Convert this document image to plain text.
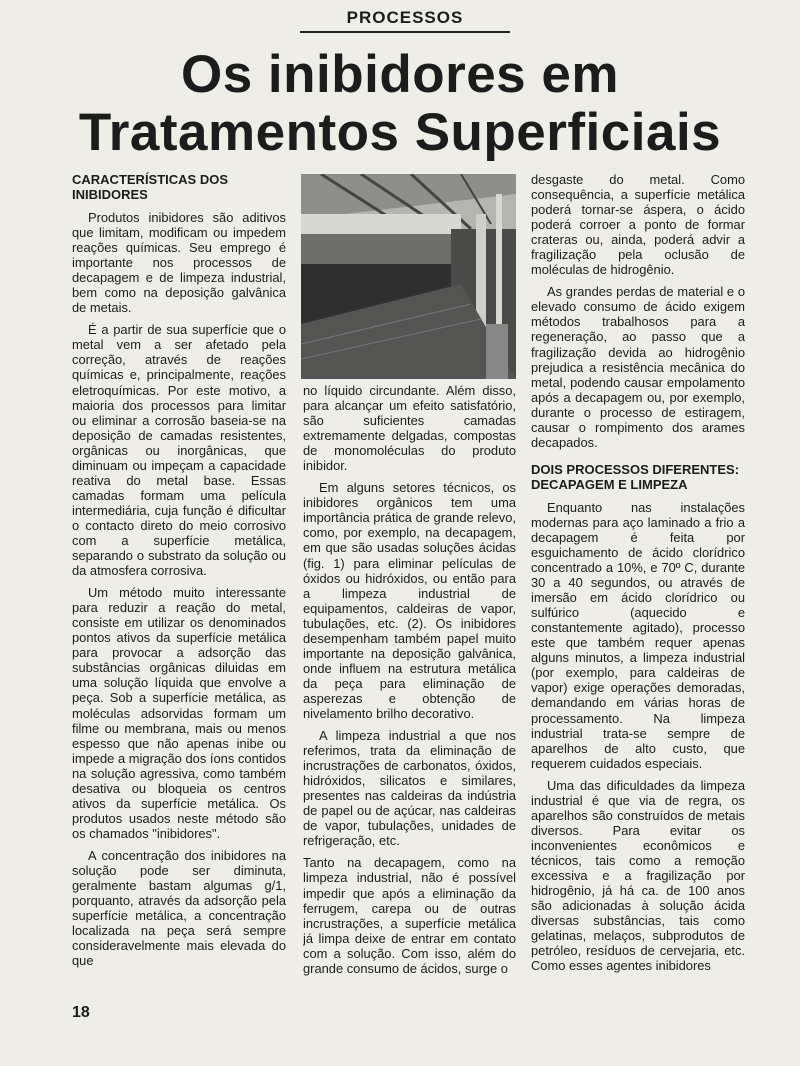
PROCESSOS
Os inibidores em
Tratamentos Superficiais
CARACTERÍSTICAS DOS INIBIDORES

Produtos inibidores são aditivos que limitam, modificam ou impedem reações químicas. Seu emprego é importante nos processos de decapagem e de limpeza industrial, bem como na deposição galvânica de metais.

É a partir de sua superfície que o metal vem a ser afetado pela correção, através de reações químicas e, principalmente, reações eletroquímicas. Por este motivo, a maioria dos processos para limitar ou eliminar a corrosão baseia-se na deposição de camadas resistentes, orgânicas ou inorgânicas, que diminuam ou impeçam a capacidade reativa do metal base. Essas camadas formam uma película intermediária, cuja função é dificultar o contacto direto do meio corrosivo com a superfície metálica, separando o substrato da solução ou da atmosfera corrosiva.

Um método muito interessante para reduzir a reação do metal, consiste em utilizar os denominados pontos ativos da superfície metálica para provocar a adsorção das substâncias orgânicas diluidas em uma solução líquida que envolve a peça. Sob a superfície metálica, as moléculas adsorvidas formam um filme ou membrana, mais ou menos espesso que não apenas inibe ou impede a migração dos íons contidos na solução agressiva, como também desativa ou bloqueia os centros ativos da superfície metálica. Os produtos usados neste método são os chamados "inibidores".

A concentração dos inibidores na solução pode ser diminuta, geralmente bastam algumas g/1, porquanto, através da adsorção pela superfície metálica, a concentração localizada na peça será sempre consideravelmente mais elevada do que

no líquido circundante. Além disso, para alcançar um efeito satisfatório, são suficientes camadas extremamente delgadas, compostas de monomoléculas do produto inibidor.

Em alguns setores técnicos, os inibidores orgânicos tem uma importância prática de grande relevo, como, por exemplo, na decapagem, em que são usadas soluções ácidas (fig. 1) para eliminar películas de óxidos ou hidróxidos, ou então para a limpeza industrial de equipamentos, caldeiras de vapor, tubulações, etc. (2). Os inibidores desempenham também papel muito importante na deposição galvânica, onde influem na estrutura metálica da peça para eliminação de asperezas e obtenção de nivelamento brilho decorativo.

A limpeza industrial a que nos referimos, trata da eliminação de incrustrações de carbonatos, óxidos, hidróxidos, silicatos e similares, presentes nas caldeiras da indústria de papel ou de açúcar, nas caldeiras de vapor, tubulações, unidades de refrigeração, etc.

Tanto na decapagem, como na limpeza industrial, não é possível impedir que após a eliminação da ferrugem, carepa ou de outras incrustrações, a superfície metálica já limpa deixe de entrar em contato com a solução. Com isso, além do grande consumo de ácidos, surge o

desgaste do metal. Como consequência, a superfície metálica poderá tornar-se áspera, o ácido poderá corroer a ponto de formar crateras ou, ainda, poderá advir a fragilização pela oclusão de moléculas de hidrogênio.

As grandes perdas de material e o elevado consumo de ácido exigem métodos trabalhosos para a regeneração, ao passo que a fragilização devida ao hidrogênio prejudica a resistência mecânica do metal, podendo causar empolamento após a decapagem ou, por exemplo, durante o processo de estiragem, causar o rompimento dos arames decapados.

DOIS PROCESSOS DIFERENTES: DECAPAGEM E LIMPEZA

Enquanto nas instalações modernas para aço laminado a frio a decapagem é feita por esguichamento de ácido clorídrico concentrado a 10%, e 70º C, durante 30 a 40 segundos, ou através de imersão em ácido clorídrico ou sulfúrico (aquecido e constantemente agitado), processo este que também requer apenas alguns minutos, a limpeza industrial (por exemplo, para caldeiras de vapor) exige operações demoradas, demandando em várias horas de processamento. Na limpeza industrial trata-se sempre de aparelhos de alto custo, que requerem cuidados especiais.

Uma das dificuldades da limpeza industrial é que via de regra, os aparelhos são construídos de metais diversos. Para evitar os inconvenientes econômicos e técnicos, tais como a remoção excessiva e a fragilização por hidrogênio, já há ca. de 100 anos são adicionadas à solução ácida diversas substâncias, tais como gelatinas, melaços, subprodutos de petróleo, resíduos de cervejaria, etc. Como esses agentes inibidores

18
